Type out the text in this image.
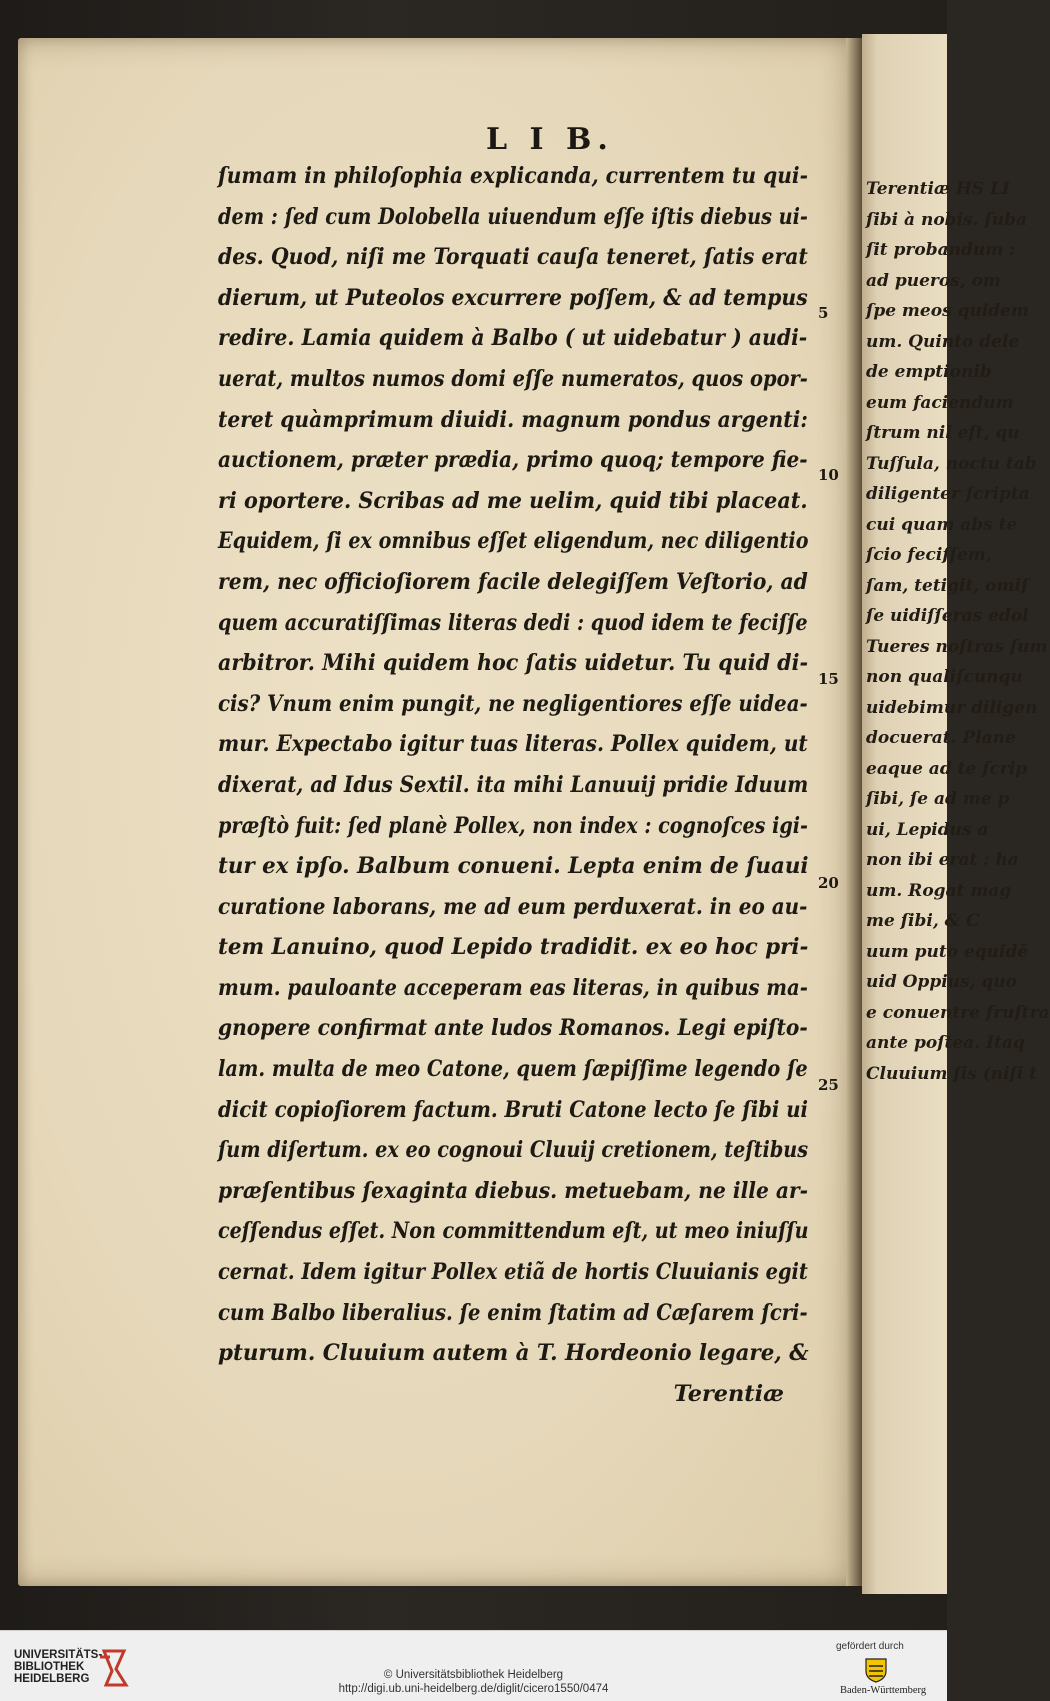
Terentiæ HS LI
ſibi à nobis. ſuba
ſit probandum :
ad pueros, om
ſpe meos quidem
um. Quinto dele
de emptionib
eum faciendum
ſtrum nil eſt, qu
Tuſſula, noctu tab
diligenter ſcripta
cui quam abs te
ſcio feciſſem,
ſam, tetigit, omiſ
ſe uidiſſeras edol
Tueres noſtras ſum
non qualiſcunqu
uidebimur diligen
docuerat. Plane
eaque ad te ſcrip
ſibi, ſe ad me p
ui, Lepidus a
non ibi erat : ha
um. Rogat mag
me ſibi, & C
uum puto equidē
uid Oppius, quo
e conuentre fruſtra
ante poſtea. Itaq
Cluuium ſis (niſi t
L I B.
ſumam in philoſophia explicanda, currentem tu qui-
dem : ſed cum Dolobella uiuendum eſſe iſtis diebus ui-
des. Quod, niſi me Torquati cauſa teneret, ſatis erat
dierum, ut Puteolos excurrere poſſem, & ad tempus
redire. Lamia quidem à Balbo ( ut uidebatur ) audi-
uerat, multos numos domi eſſe numeratos, quos opor-
teret quàmprimum diuidi. magnum pondus argenti:
auctionem, præter prædia, primo quoq; tempore fie-
ri oportere. Scribas ad me uelim, quid tibi placeat.
Equidem, ſi ex omnibus eſſet eligendum, nec diligentio
rem, nec officioſiorem facile delegiſſem Veſtorio, ad
quem accuratiſſimas literas dedi : quod idem te feciſſe
arbitror. Mihi quidem hoc ſatis uidetur. Tu quid di-
cis? Vnum enim pungit, ne negligentiores eſſe uidea-
mur. Expectabo igitur tuas literas. Pollex quidem, ut
dixerat, ad Idus Sextil. ita mihi Lanuuij pridie Iduum
præſtò fuit: ſed planè Pollex, non index : cognoſces igi-
tur ex ipſo. Balbum conueni. Lepta enim de ſuaui
curatione laborans, me ad eum perduxerat. in eo au-
tem Lanuino, quod Lepido tradidit. ex eo hoc pri-
mum. pauloante acceperam eas literas, in quibus ma-
gnopere confirmat ante ludos Romanos. Legi epiſto-
lam. multa de meo Catone, quem ſæpiſſime legendo ſe
dicit copioſiorem factum. Bruti Catone lecto ſe ſibi ui
ſum diſertum. ex eo cognoui Cluuij cretionem, teſtibus
præſentibus ſexaginta diebus. metuebam, ne ille ar-
ceſſendus eſſet. Non committendum eſt, ut meo iniuſſu
cernat. Idem igitur Pollex etiã de hortis Cluuianis egit
cum Balbo liberalius. ſe enim ſtatim ad Cæſarem ſcri-
pturum. Cluuium autem à T. Hordeonio legare, &
Terentiæ
5
10
15
20
25
UNIVERSITÄTS-
BIBLIOTHEK
HEIDELBERG	© Universitätsbibliothek Heidelberg
http://digi.ub.uni-heidelberg.de/diglit/cicero1550/0474
gefördert durch
Baden-Württemberg
